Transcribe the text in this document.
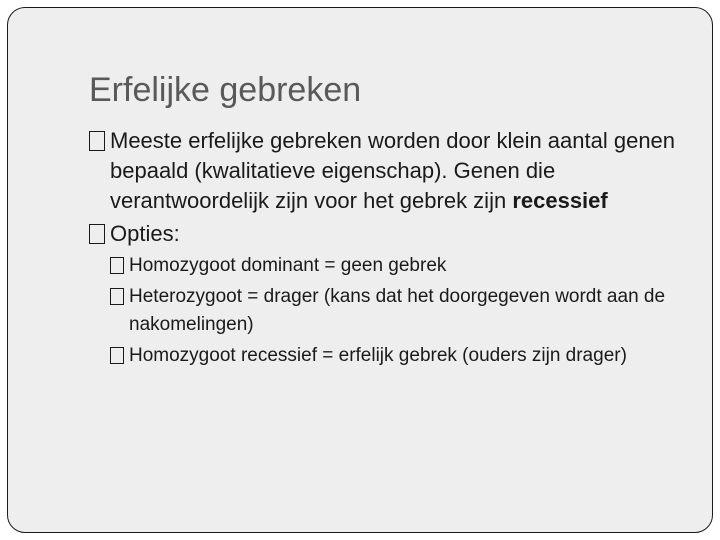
Erfelijke gebreken
Meeste erfelijke gebreken worden door klein aantal genen bepaald (kwalitatieve eigenschap). Genen die verantwoordelijk zijn voor het gebrek zijn recessief
Opties:
Homozygoot dominant = geen gebrek
Heterozygoot = drager (kans dat het doorgegeven wordt aan de nakomelingen)
Homozygoot recessief = erfelijk gebrek (ouders zijn drager)
